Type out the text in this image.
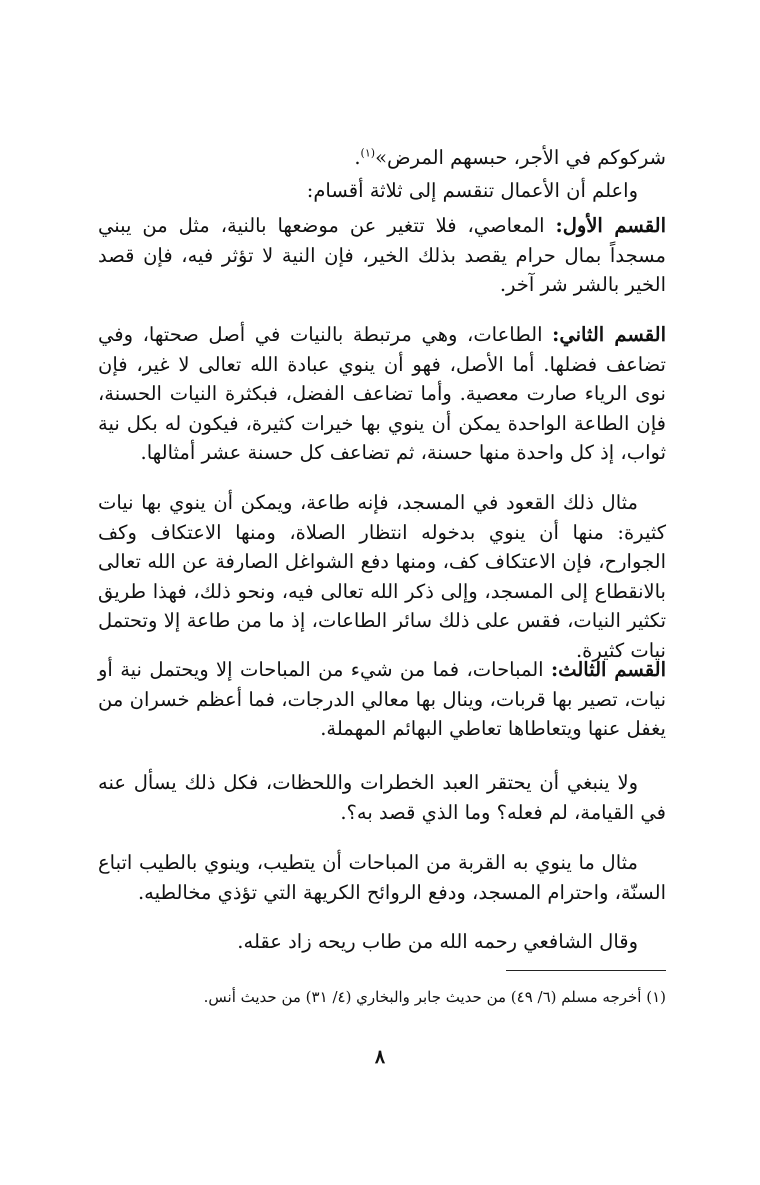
شركوكم في الأجر، حبسهم المرض»$^{(١)}$.

واعلم أن الأعمال تنقسم إلى ثلاثة أقسام:

القسم الأول: المعاصي، فلا تتغير عن موضعها بالنية، مثل من يبني مسجداً بمال حرام يقصد بذلك الخير، فإن النية لا تؤثر فيه، فإن قصد الخير بالشر شر آخر.

القسم الثاني: الطاعات، وهي مرتبطة بالنيات في أصل صحتها، وفي تضاعف فضلها. أما الأصل، فهو أن ينوي عبادة الله تعالى لا غير، فإن نوى الرياء صارت معصية. وأما تضاعف الفضل، فبكثرة النيات الحسنة، فإن الطاعة الواحدة يمكن أن ينوي بها خيرات كثيرة، فيكون له بكل نية ثواب، إذ كل واحدة منها حسنة، ثم تضاعف كل حسنة عشر أمثالها.

مثال ذلك القعود في المسجد، فإنه طاعة، ويمكن أن ينوي بها نيات كثيرة: منها أن ينوي بدخوله انتظار الصلاة، ومنها الاعتكاف وكف الجوارح، فإن الاعتكاف كف، ومنها دفع الشواغل الصارفة عن الله تعالى بالانقطاع إلى المسجد، وإلى ذكر الله تعالى فيه، ونحو ذلك، فهذا طريق تكثير النيات، فقس على ذلك سائر الطاعات، إذ ما من طاعة إلا وتحتمل نيات كثيرة.

القسم الثالث: المباحات، فما من شيء من المباحات إلا ويحتمل نية أو نيات، تصير بها قربات، وينال بها معالي الدرجات، فما أعظم خسران من يغفل عنها ويتعاطاها تعاطي البهائم المهملة.

ولا ينبغي أن يحتقر العبد الخطرات واللحظات، فكل ذلك يسأل عنه في القيامة، لم فعله؟ وما الذي قصد به؟.

مثال ما ينوي به القربة من المباحات أن يتطيب، وينوي بالطيب اتباع السنّة، واحترام المسجد، ودفع الروائح الكريهة التي تؤذي مخالطيه.

وقال الشافعي رحمه الله من طاب ريحه زاد عقله.

(١) أخرجه مسلم (٦/ ٤٩) من حديث جابر والبخاري (٤/ ٣١) من حديث أنس.
٨
